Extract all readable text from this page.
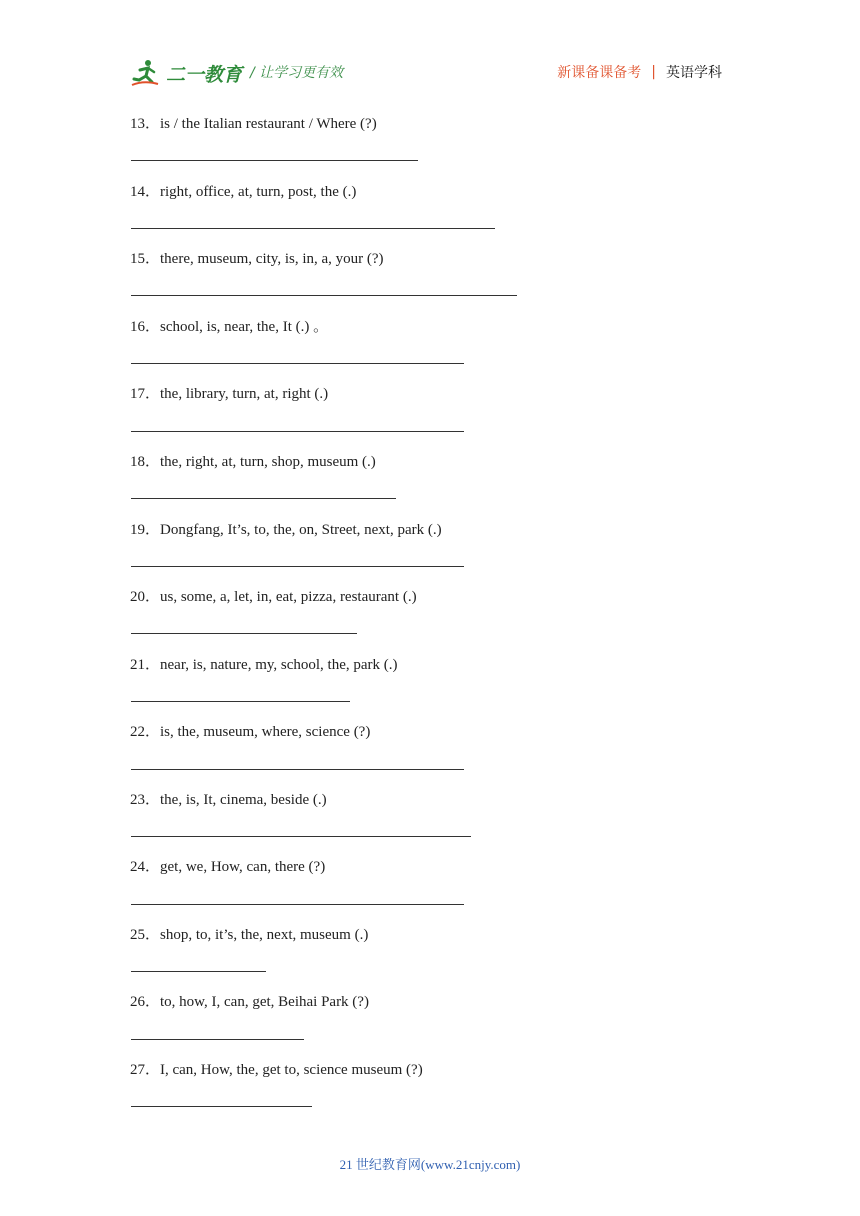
二一教育 / 让学习更有效	新课备课备考 | 英语学科
13．is / the Italian restaurant / Where (?)
14．right, office, at, turn, post, the (.)
15．there, museum, city, is, in, a, your (?)
16．school, is, near, the, It (.) 。
17．the, library, turn, at, right (.)
18．the, right, at, turn, shop, museum (.)
19．Dongfang, It’s, to, the, on, Street, next, park (.)
20．us, some, a, let, in, eat, pizza, restaurant (.)
21．near, is, nature, my, school, the, park (.)
22．is, the, museum, where, science (?)
23．the, is, It, cinema, beside (.)
24．get, we, How, can, there (?)
25．shop, to, it’s, the, next, museum (.)
26．to, how, I, can, get, Beihai Park (?)
27．I, can, How, the, get to, science museum (?)
21 世纪教育网(www.21cnjy.com)
